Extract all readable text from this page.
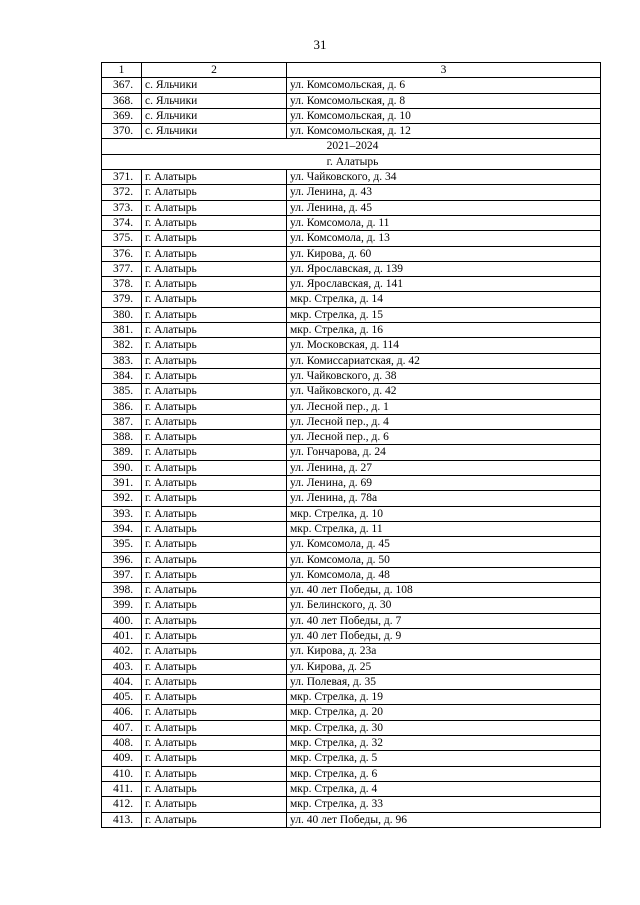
31
1	2	3
367.	с. Яльчики	ул. Комсомольская, д. 6
368.	с. Яльчики	ул. Комсомольская, д. 8
369.	с. Яльчики	ул. Комсомольская, д. 10
370.	с. Яльчики	ул. Комсомольская, д. 12
2021–2024		
г. Алатырь		
371.	г. Алатырь	ул. Чайковского, д. 34
372.	г. Алатырь	ул. Ленина, д. 43
373.	г. Алатырь	ул. Ленина, д. 45
374.	г. Алатырь	ул. Комсомола, д. 11
375.	г. Алатырь	ул. Комсомола, д. 13
376.	г. Алатырь	ул. Кирова, д. 60
377.	г. Алатырь	ул. Ярославская, д. 139
378.	г. Алатырь	ул. Ярославская, д. 141
379.	г. Алатырь	мкр. Стрелка, д. 14
380.	г. Алатырь	мкр. Стрелка, д. 15
381.	г. Алатырь	мкр. Стрелка, д. 16
382.	г. Алатырь	ул. Московская, д. 114
383.	г. Алатырь	ул. Комиссариатская, д. 42
384.	г. Алатырь	ул. Чайковского, д. 38
385.	г. Алатырь	ул. Чайковского, д. 42
386.	г. Алатырь	ул. Лесной пер., д. 1
387.	г. Алатырь	ул. Лесной пер., д. 4
388.	г. Алатырь	ул. Лесной пер., д. 6
389.	г. Алатырь	ул. Гончарова, д. 24
390.	г. Алатырь	ул. Ленина, д. 27
391.	г. Алатырь	ул. Ленина, д. 69
392.	г. Алатырь	ул. Ленина, д. 78а
393.	г. Алатырь	мкр. Стрелка, д. 10
394.	г. Алатырь	мкр. Стрелка, д. 11
395.	г. Алатырь	ул. Комсомола, д. 45
396.	г. Алатырь	ул. Комсомола, д. 50
397.	г. Алатырь	ул. Комсомола, д. 48
398.	г. Алатырь	ул. 40 лет Победы, д. 108
399.	г. Алатырь	ул. Белинского, д. 30
400.	г. Алатырь	ул. 40 лет Победы, д. 7
401.	г. Алатырь	ул. 40 лет Победы, д. 9
402.	г. Алатырь	ул. Кирова, д. 23а
403.	г. Алатырь	ул. Кирова, д. 25
404.	г. Алатырь	ул. Полевая, д. 35
405.	г. Алатырь	мкр. Стрелка, д. 19
406.	г. Алатырь	мкр. Стрелка, д. 20
407.	г. Алатырь	мкр. Стрелка, д. 30
408.	г. Алатырь	мкр. Стрелка, д. 32
409.	г. Алатырь	мкр. Стрелка, д. 5
410.	г. Алатырь	мкр. Стрелка, д. 6
411.	г. Алатырь	мкр. Стрелка, д. 4
412.	г. Алатырь	мкр. Стрелка, д. 33
413.	г. Алатырь	ул. 40 лет Победы, д. 96
